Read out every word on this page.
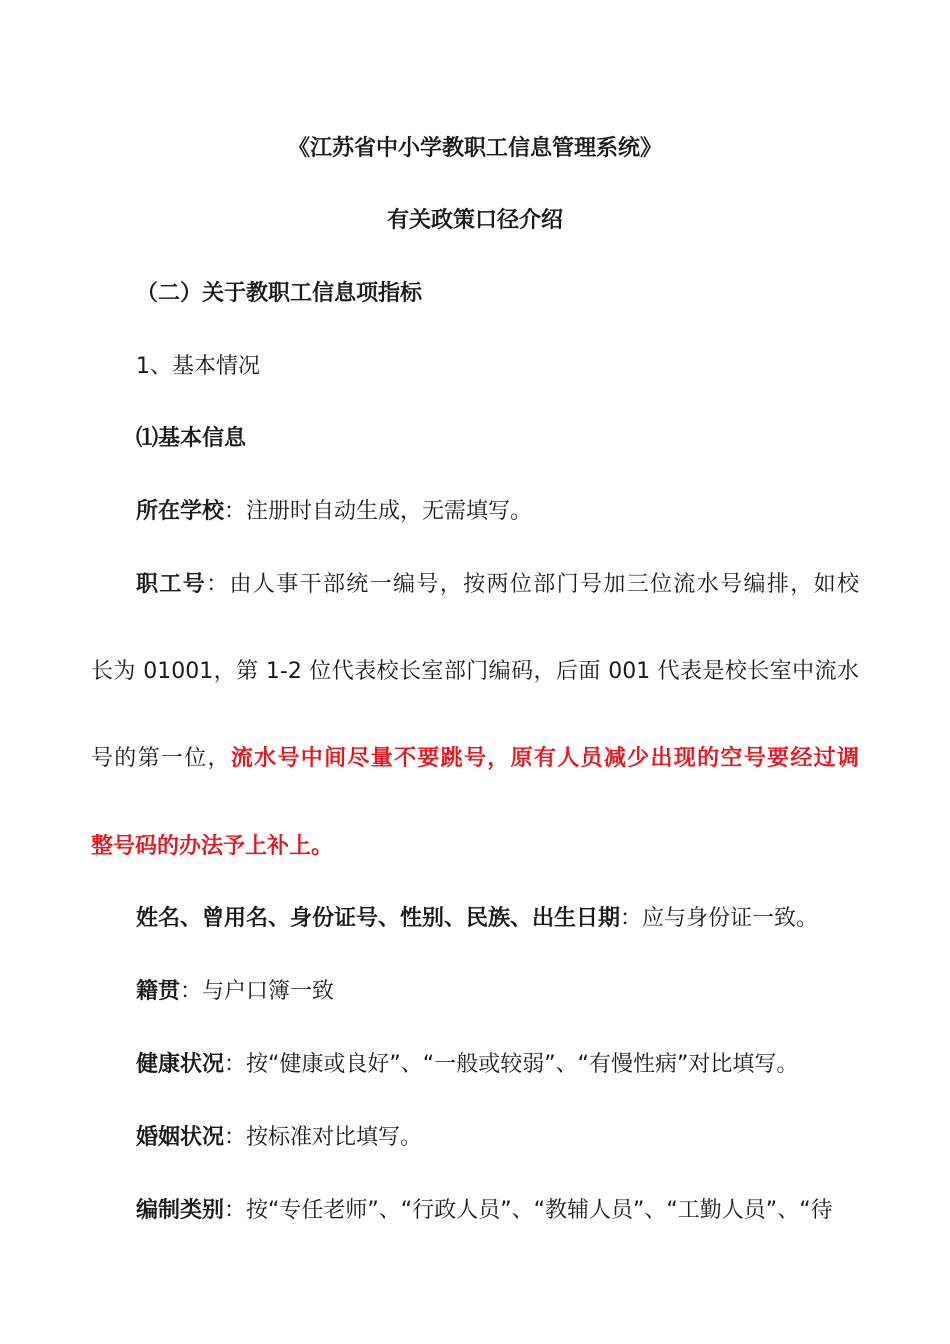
《江苏省中小学教职工信息管理系统》
有关政策口径介绍
（二）关于教职工信息项指标
1、基本情况
⑴基本信息
所在学校：注册时自动生成，无需填写。
职工号：由人事干部统一编号，按两位部门号加三位流水号编排，如校
长为 01001，第 1-2 位代表校长室部门编码，后面 001 代表是校长室中流水
号的第一位，流水号中间尽量不要跳号，原有人员减少出现的空号要经过调
整号码的办法予上补上。
姓名、曾用名、身份证号、性别、民族、出生日期：应与身份证一致。
籍贯：与户口簿一致
健康状况：按“健康或良好”、“一般或较弱”、“有慢性病”对比填写。
婚姻状况：按标准对比填写。
编制类别：按“专任老师”、“行政人员”、“教辅人员”、“工勤人员”、“待
